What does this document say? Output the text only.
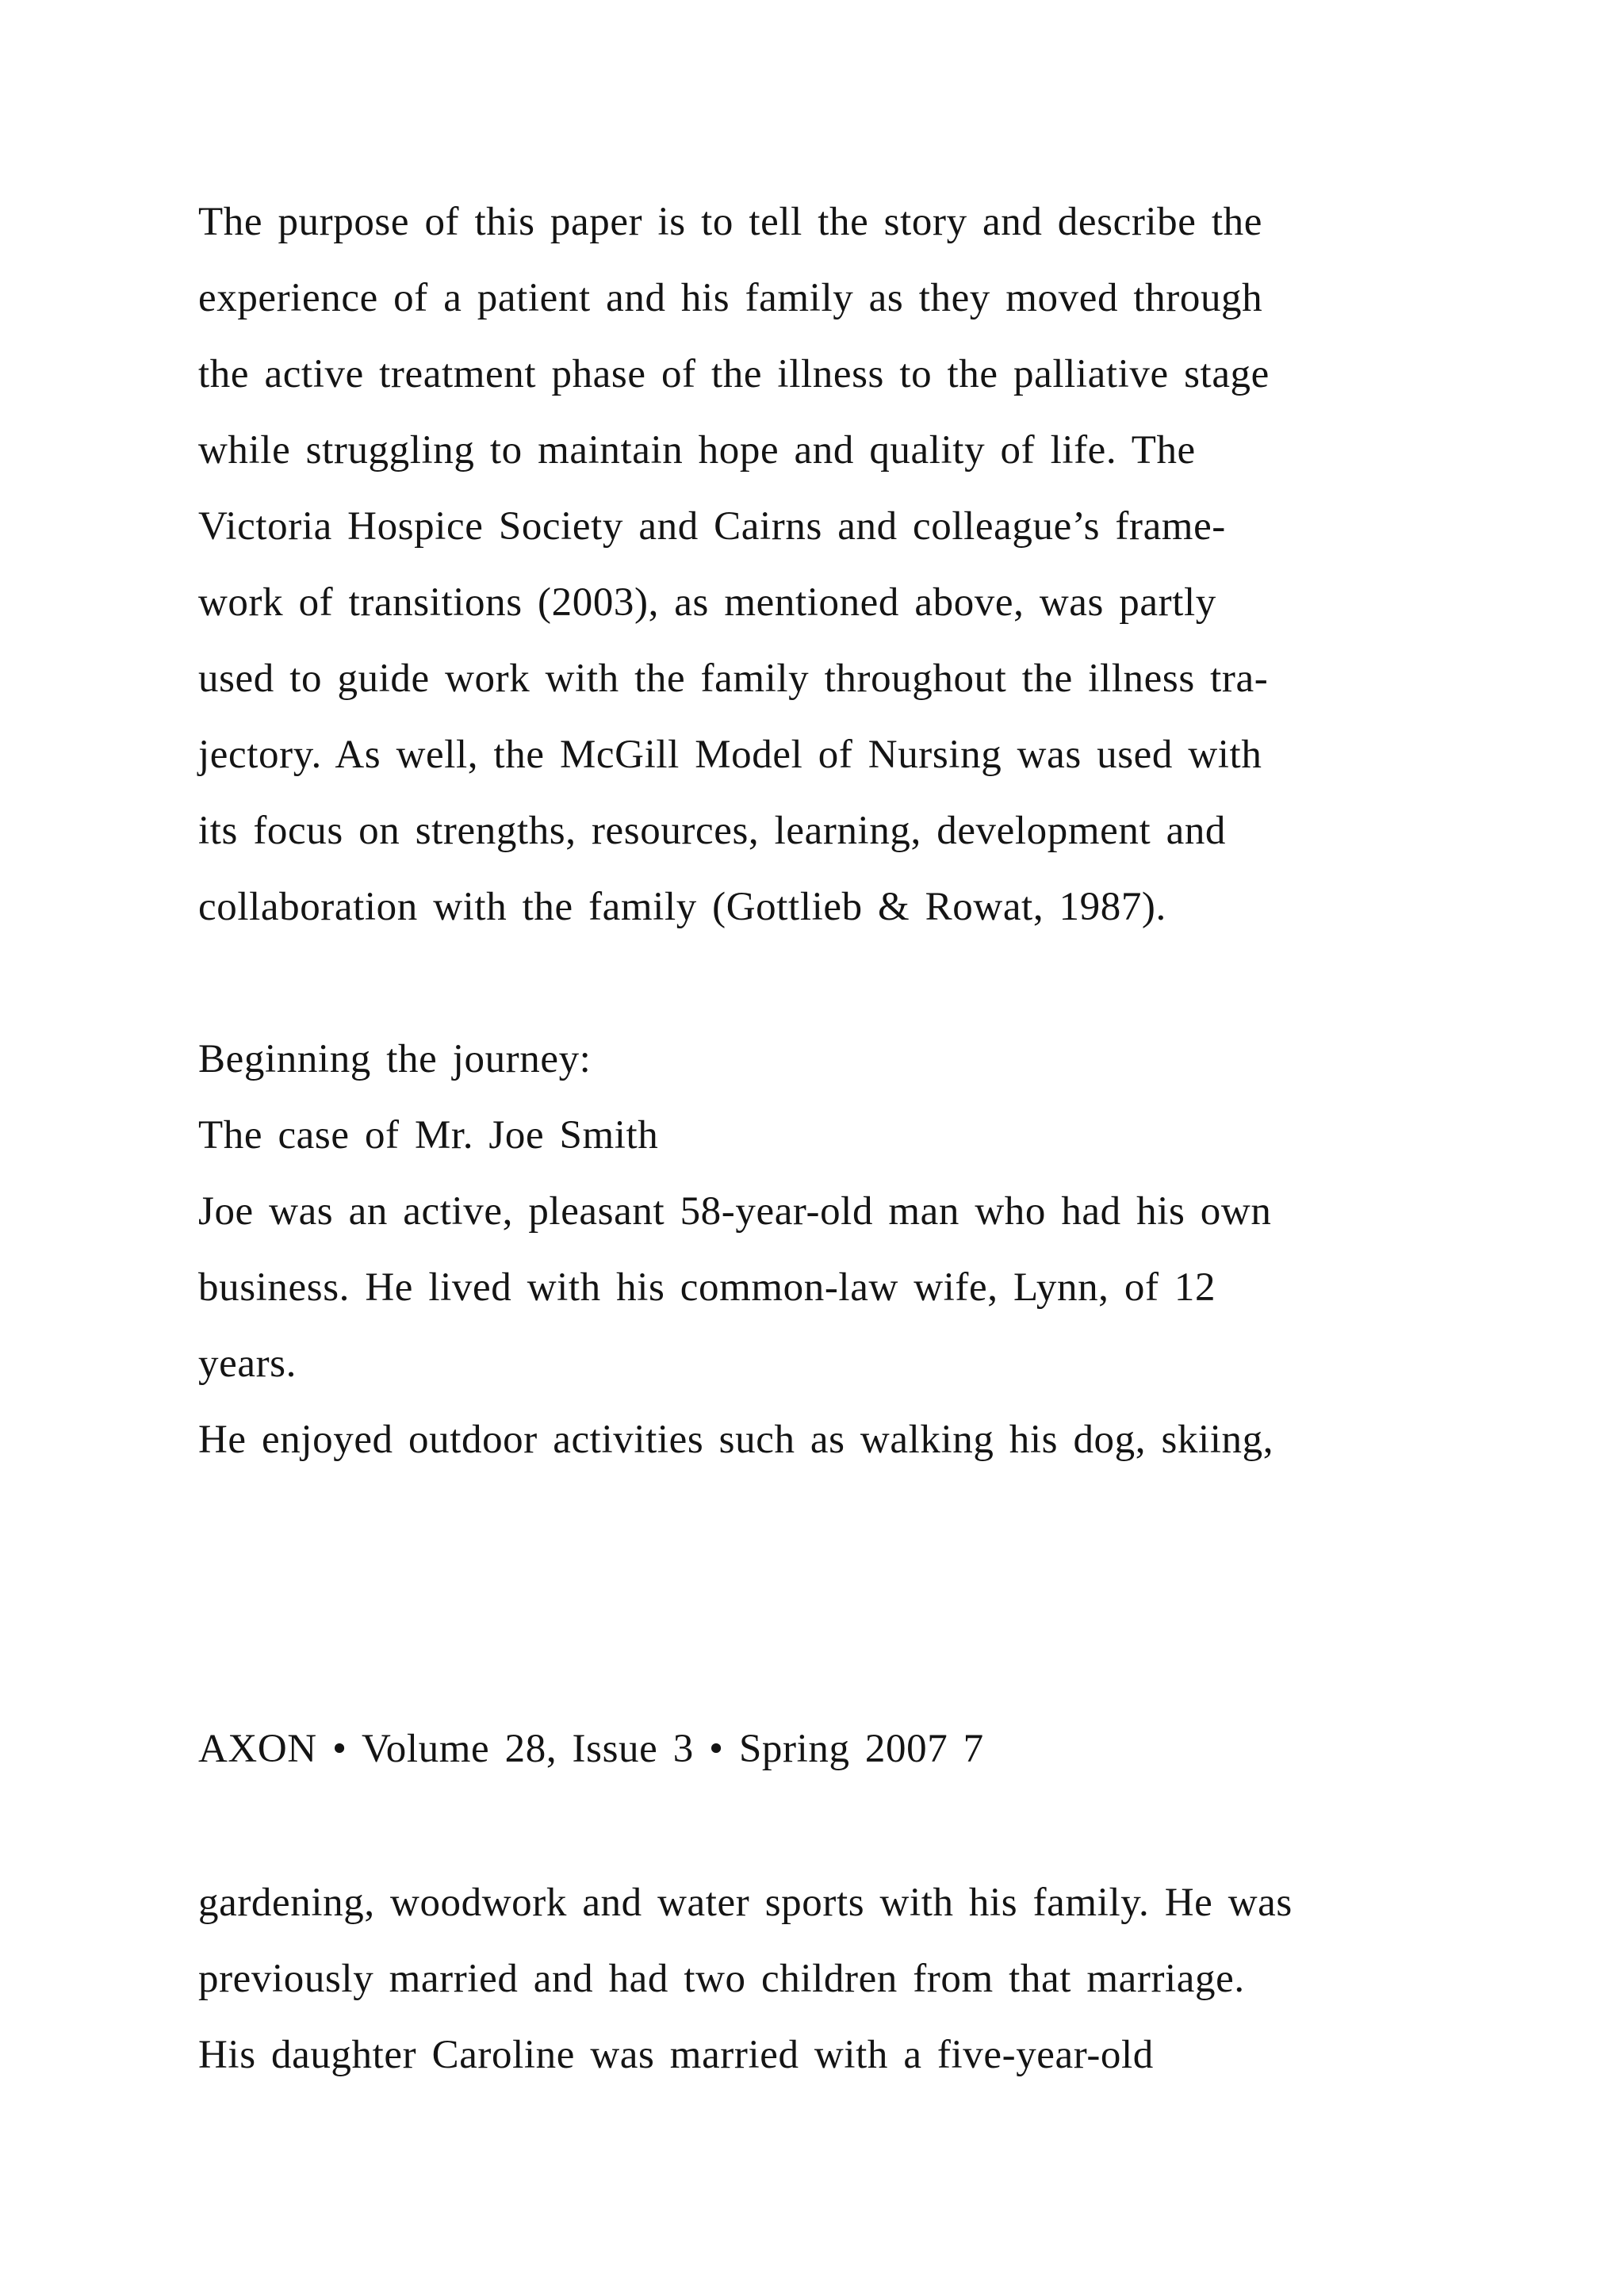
The purpose of this paper is to tell the story and describe the
experience of a patient and his family as they moved through
the active treatment phase of the illness to the palliative stage
while struggling to maintain hope and quality of life. The
Victoria Hospice Society and Cairns and colleague’s frame-
work of transitions (2003), as mentioned above, was partly
used to guide work with the family throughout the illness tra-
jectory. As well, the McGill Model of Nursing was used with
its focus on strengths, resources, learning, development and
collaboration with the family (Gottlieb & Rowat, 1987).
Beginning the journey:
The case of Mr. Joe Smith
Joe was an active, pleasant 58-year-old man who had his own
business. He lived with his common-law wife, Lynn, of 12
years.
He enjoyed outdoor activities such as walking his dog, skiing,
AXON • Volume 28, Issue 3 • Spring 2007 7
gardening, woodwork and water sports with his family. He was
previously married and had two children from that marriage.
His daughter Caroline was married with a five-year-old
